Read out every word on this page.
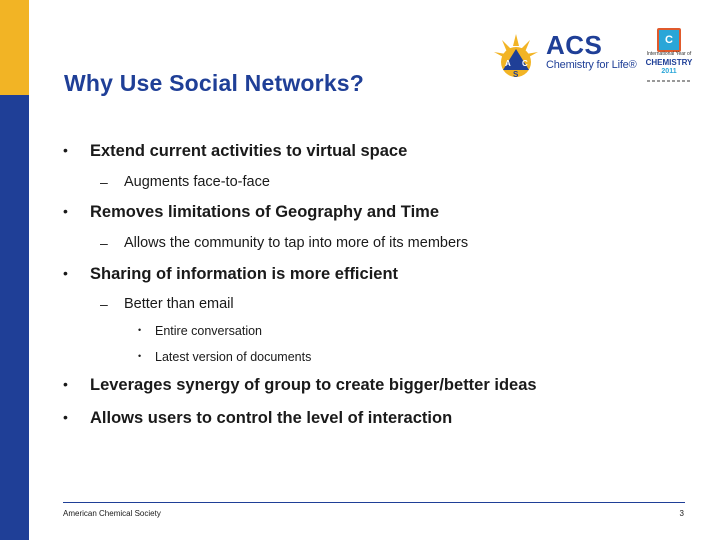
Why Use Social Networks?
A C
S
ACS
Chemistry for Life®
C
International Year of
CHEMISTRY
2011
• Extend current activities to virtual space
– Augments face-to-face
• Removes limitations of Geography and Time
– Allows the community to tap into more of its members
• Sharing of information is more efficient
– Better than email
• Entire conversation
• Latest version of documents
• Leverages synergy of group to create bigger/better ideas
• Allows users to control the level of interaction
American Chemical Society	3
